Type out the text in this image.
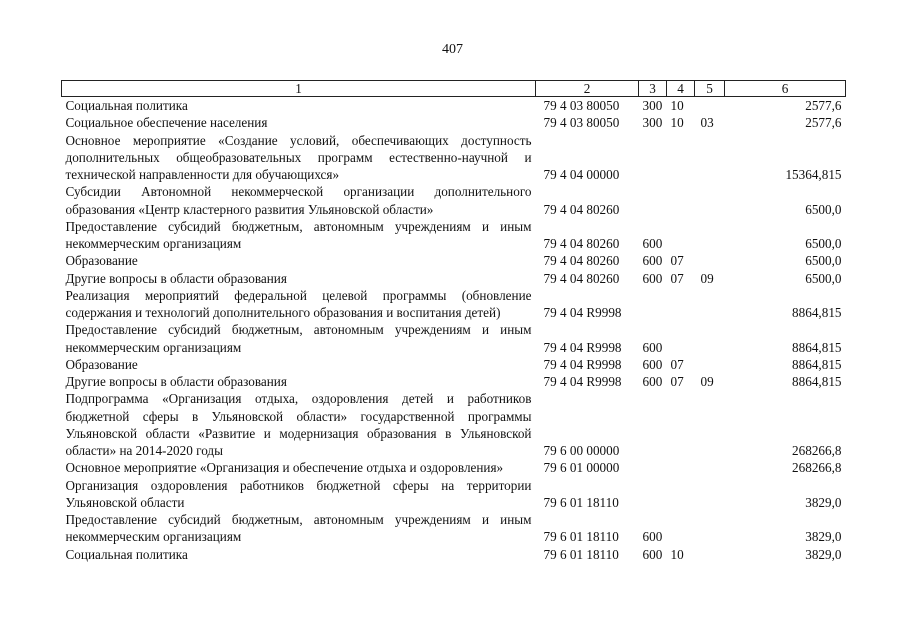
407
1	2	3	4	5	6
Социальная политика	79 4 03 80050	300	10		2577,6
Социальное обеспечение населения	79 4 03 80050	300	10	03	2577,6
Основное мероприятие «Создание условий, обеспечивающих доступность дополнительных общеобразовательных программ естественно-научной и технической направленности для обучающихся»	79 4 04 00000				15364,815
Субсидии Автономной некоммерческой организации дополнительного образования «Центр кластерного развития Ульяновской области»	79 4 04 80260				6500,0
Предоставление субсидий бюджетным, автономным учреждениям и иным некоммерческим организациям	79 4 04 80260	600			6500,0
Образование	79 4 04 80260	600	07		6500,0
Другие вопросы в области образования	79 4 04 80260	600	07	09	6500,0
Реализация мероприятий федеральной целевой программы (обновление содержания и технологий дополнительного образования и воспитания детей)	79 4 04 R9998				8864,815
Предоставление субсидий бюджетным, автономным учреждениям и иным некоммерческим организациям	79 4 04 R9998	600			8864,815
Образование	79 4 04 R9998	600	07		8864,815
Другие вопросы в области образования	79 4 04 R9998	600	07	09	8864,815
Подпрограмма «Организация отдыха, оздоровления детей и работников бюджетной сферы в Ульяновской области» государственной программы Ульяновской области «Развитие и модернизация образования в Ульяновской области» на 2014-2020 годы	79 6 00 00000				268266,8
Основное мероприятие «Организация и обеспечение отдыха и оздоровления»	79 6 01 00000				268266,8
Организация оздоровления работников бюджетной сферы на территории Ульяновской области	79 6 01 18110				3829,0
Предоставление субсидий бюджетным, автономным учреждениям и иным некоммерческим организациям	79 6 01 18110	600			3829,0
Социальная политика	79 6 01 18110	600	10		3829,0
